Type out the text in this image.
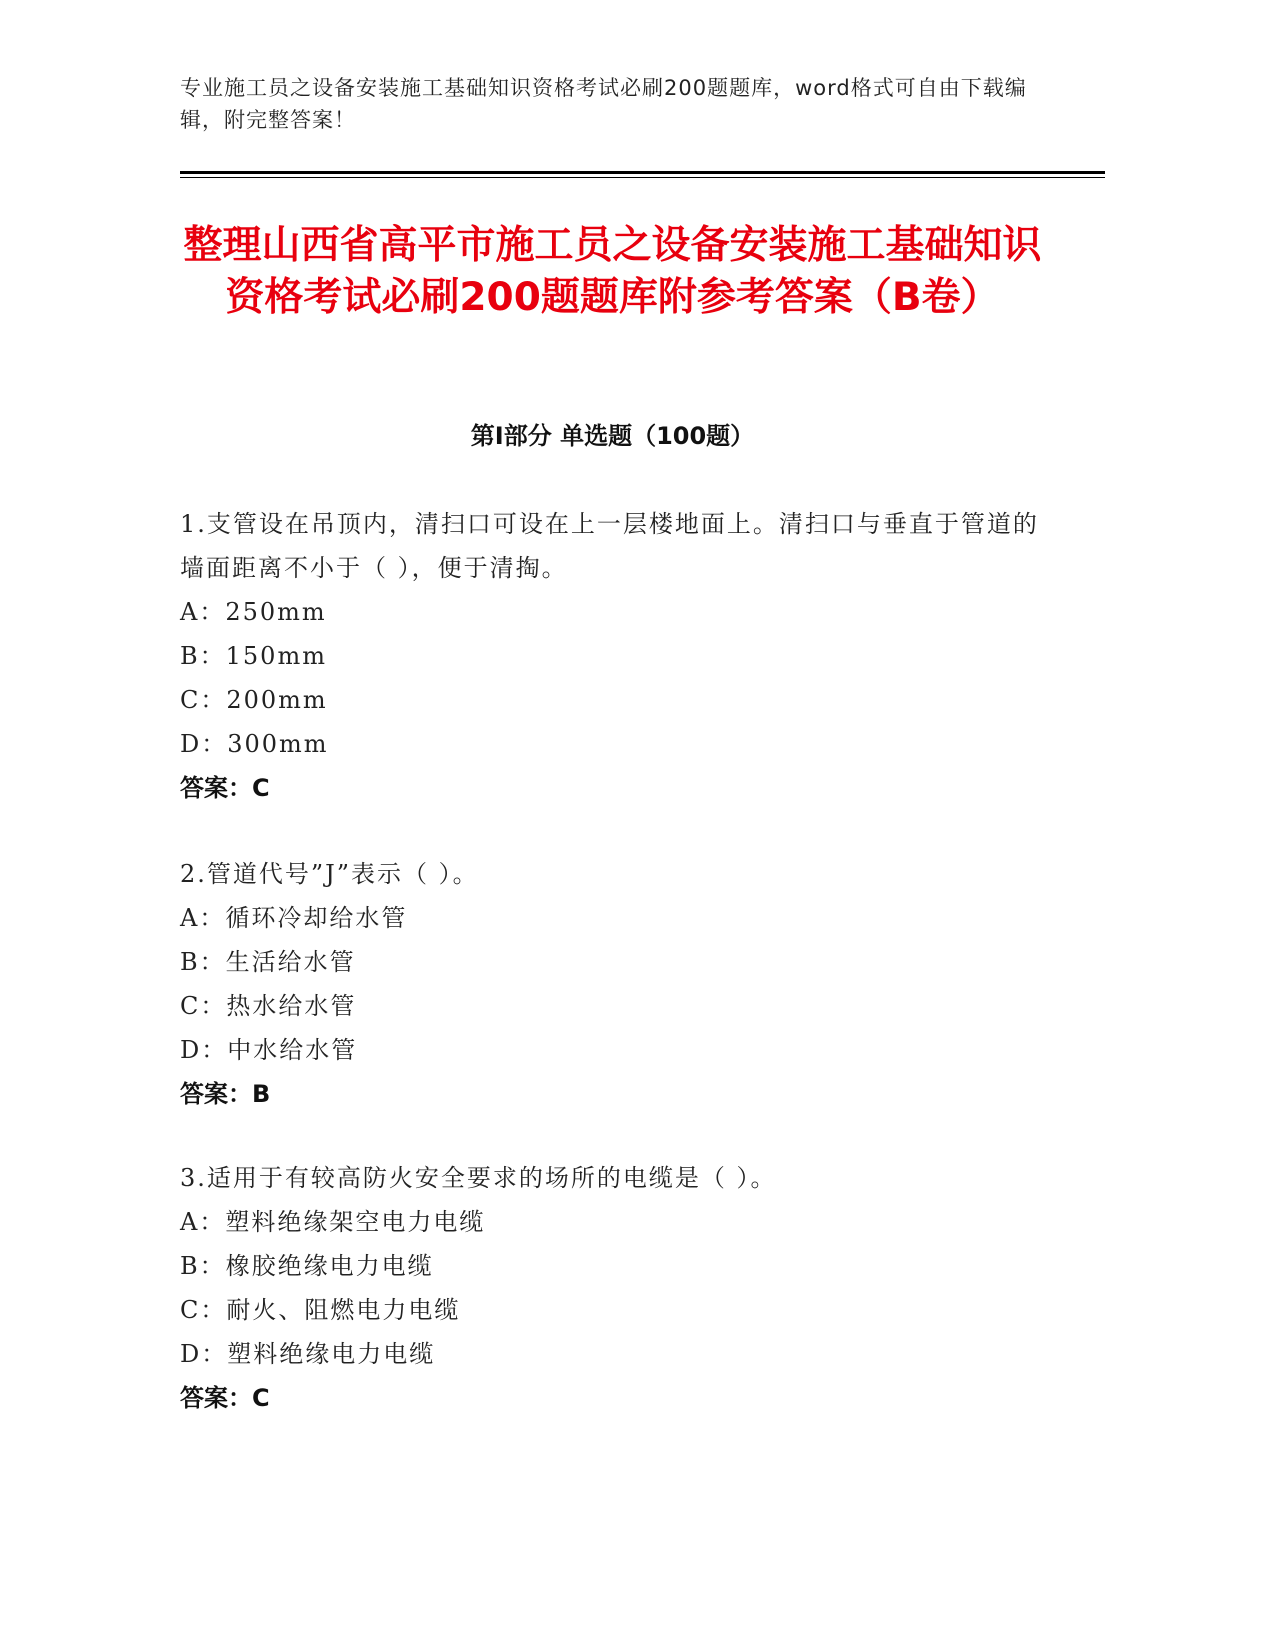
专业施工员之设备安装施工基础知识资格考试必刷200题题库，word格式可自由下载编辑，附完整答案！
整理山西省高平市施工员之设备安装施工基础知识资格考试必刷200题题库附参考答案（B卷）
第I部分 单选题（100题）
1.支管设在吊顶内，清扫口可设在上一层楼地面上。清扫口与垂直于管道的墙面距离不小于（ ），便于清掏。
A：250mm
B：150mm
C：200mm
D：300mm
答案：C
2.管道代号”J”表示（ ）。
A：循环冷却给水管
B：生活给水管
C：热水给水管
D：中水给水管
答案：B
3.适用于有较高防火安全要求的场所的电缆是（ ）。
A：塑料绝缘架空电力电缆
B：橡胶绝缘电力电缆
C：耐火、阻燃电力电缆
D：塑料绝缘电力电缆
答案：C
